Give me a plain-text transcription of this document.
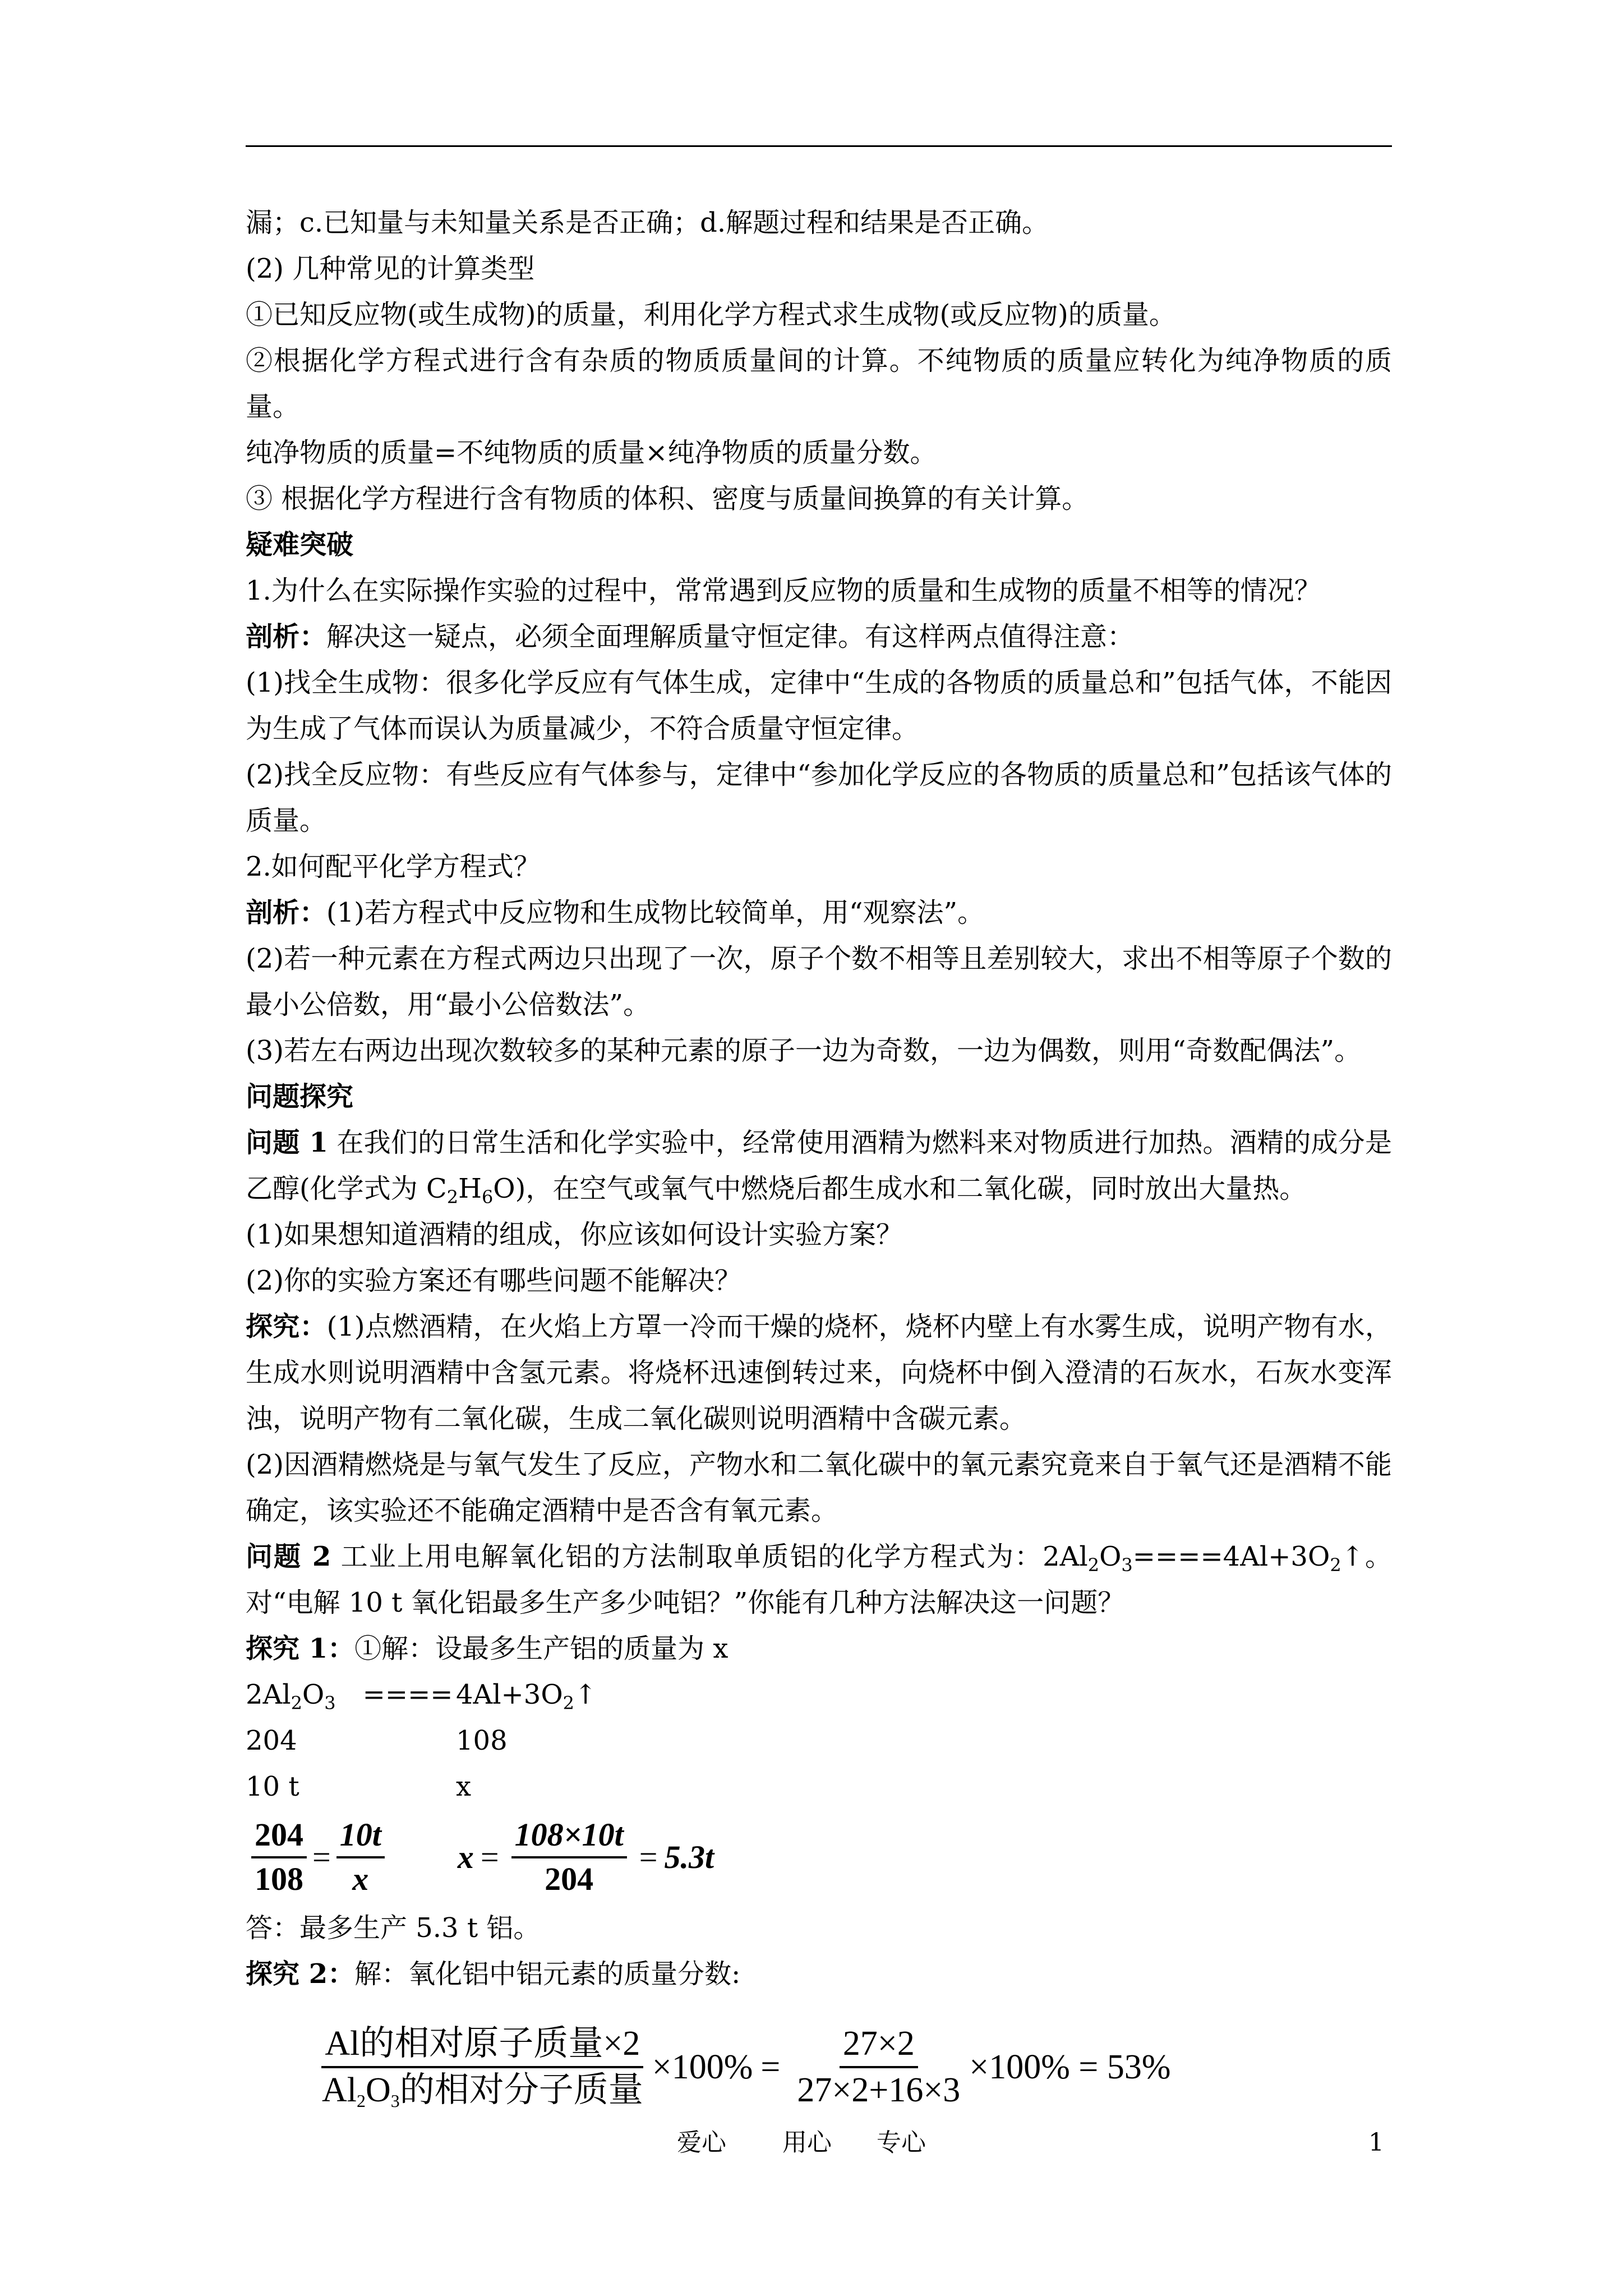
漏；c.已知量与未知量关系是否正确；d.解题过程和结果是否正确。

(2) 几种常见的计算类型

①已知反应物(或生成物)的质量，利用化学方程式求生成物(或反应物)的质量。

②根据化学方程式进行含有杂质的物质质量间的计算。不纯物质的质量应转化为纯净物质的质量。

纯净物质的质量=不纯物质的质量×纯净物质的质量分数。

③ 根据化学方程进行含有物质的体积、密度与质量间换算的有关计算。

疑难突破

1.为什么在实际操作实验的过程中，常常遇到反应物的质量和生成物的质量不相等的情况？

剖析：解决这一疑点，必须全面理解质量守恒定律。有这样两点值得注意：

(1)找全生成物：很多化学反应有气体生成，定律中“生成的各物质的质量总和”包括气体，不能因为生成了气体而误认为质量减少，不符合质量守恒定律。

(2)找全反应物：有些反应有气体参与，定律中“参加化学反应的各物质的质量总和”包括该气体的质量。

2.如何配平化学方程式？

剖析：(1)若方程式中反应物和生成物比较简单，用“观察法”。

(2)若一种元素在方程式两边只出现了一次，原子个数不相等且差别较大，求出不相等原子个数的最小公倍数，用“最小公倍数法”。

(3)若左右两边出现次数较多的某种元素的原子一边为奇数，一边为偶数，则用“奇数配偶法”。

问题探究

问题 1 在我们的日常生活和化学实验中，经常使用酒精为燃料来对物质进行加热。酒精的成分是乙醇(化学式为 $C_2H_6O$)，在空气或氧气中燃烧后都生成水和二氧化碳，同时放出大量热。

(1)如果想知道酒精的组成，你应该如何设计实验方案？

(2)你的实验方案还有哪些问题不能解决？

探究：(1)点燃酒精，在火焰上方罩一冷而干燥的烧杯，烧杯内壁上有水雾生成，说明产物有水，生成水则说明酒精中含氢元素。将烧杯迅速倒转过来，向烧杯中倒入澄清的石灰水，石灰水变浑浊，说明产物有二氧化碳，生成二氧化碳则说明酒精中含碳元素。

(2)因酒精燃烧是与氧气发生了反应，产物水和二氧化碳中的氧元素究竟来自于氧气还是酒精不能确定，该实验还不能确定酒精中是否含有氧元素。

问题 2 工业上用电解氧化铝的方法制取单质铝的化学方程式为：$2Al_2O_3====4Al+3O_2↑$。对“电解 10 t 氧化铝最多生产多少吨铝？”你能有几种方法解决这一问题？

探究 1：①解：设最多生产铝的质量为 x

$2Al_2O_3$ ==== $4Al+3O_2↑$
204	108
10 t	x
$\frac{204}{108} = \frac{10t}{x}$ $x = \frac{108\times 10t}{204} = 5.3t$

答：最多生产 5.3 t 铝。

探究 2：解：氧化铝中铝元素的质量分数:

$\frac{\text{Al的相对原子质量×2}}{Al_2O_3的相对分子质量} \times 100\% = \frac{27\times 2}{27\times 2+16\times 3} \times 100\% = 53\%$
爱心 用心 专心	1
